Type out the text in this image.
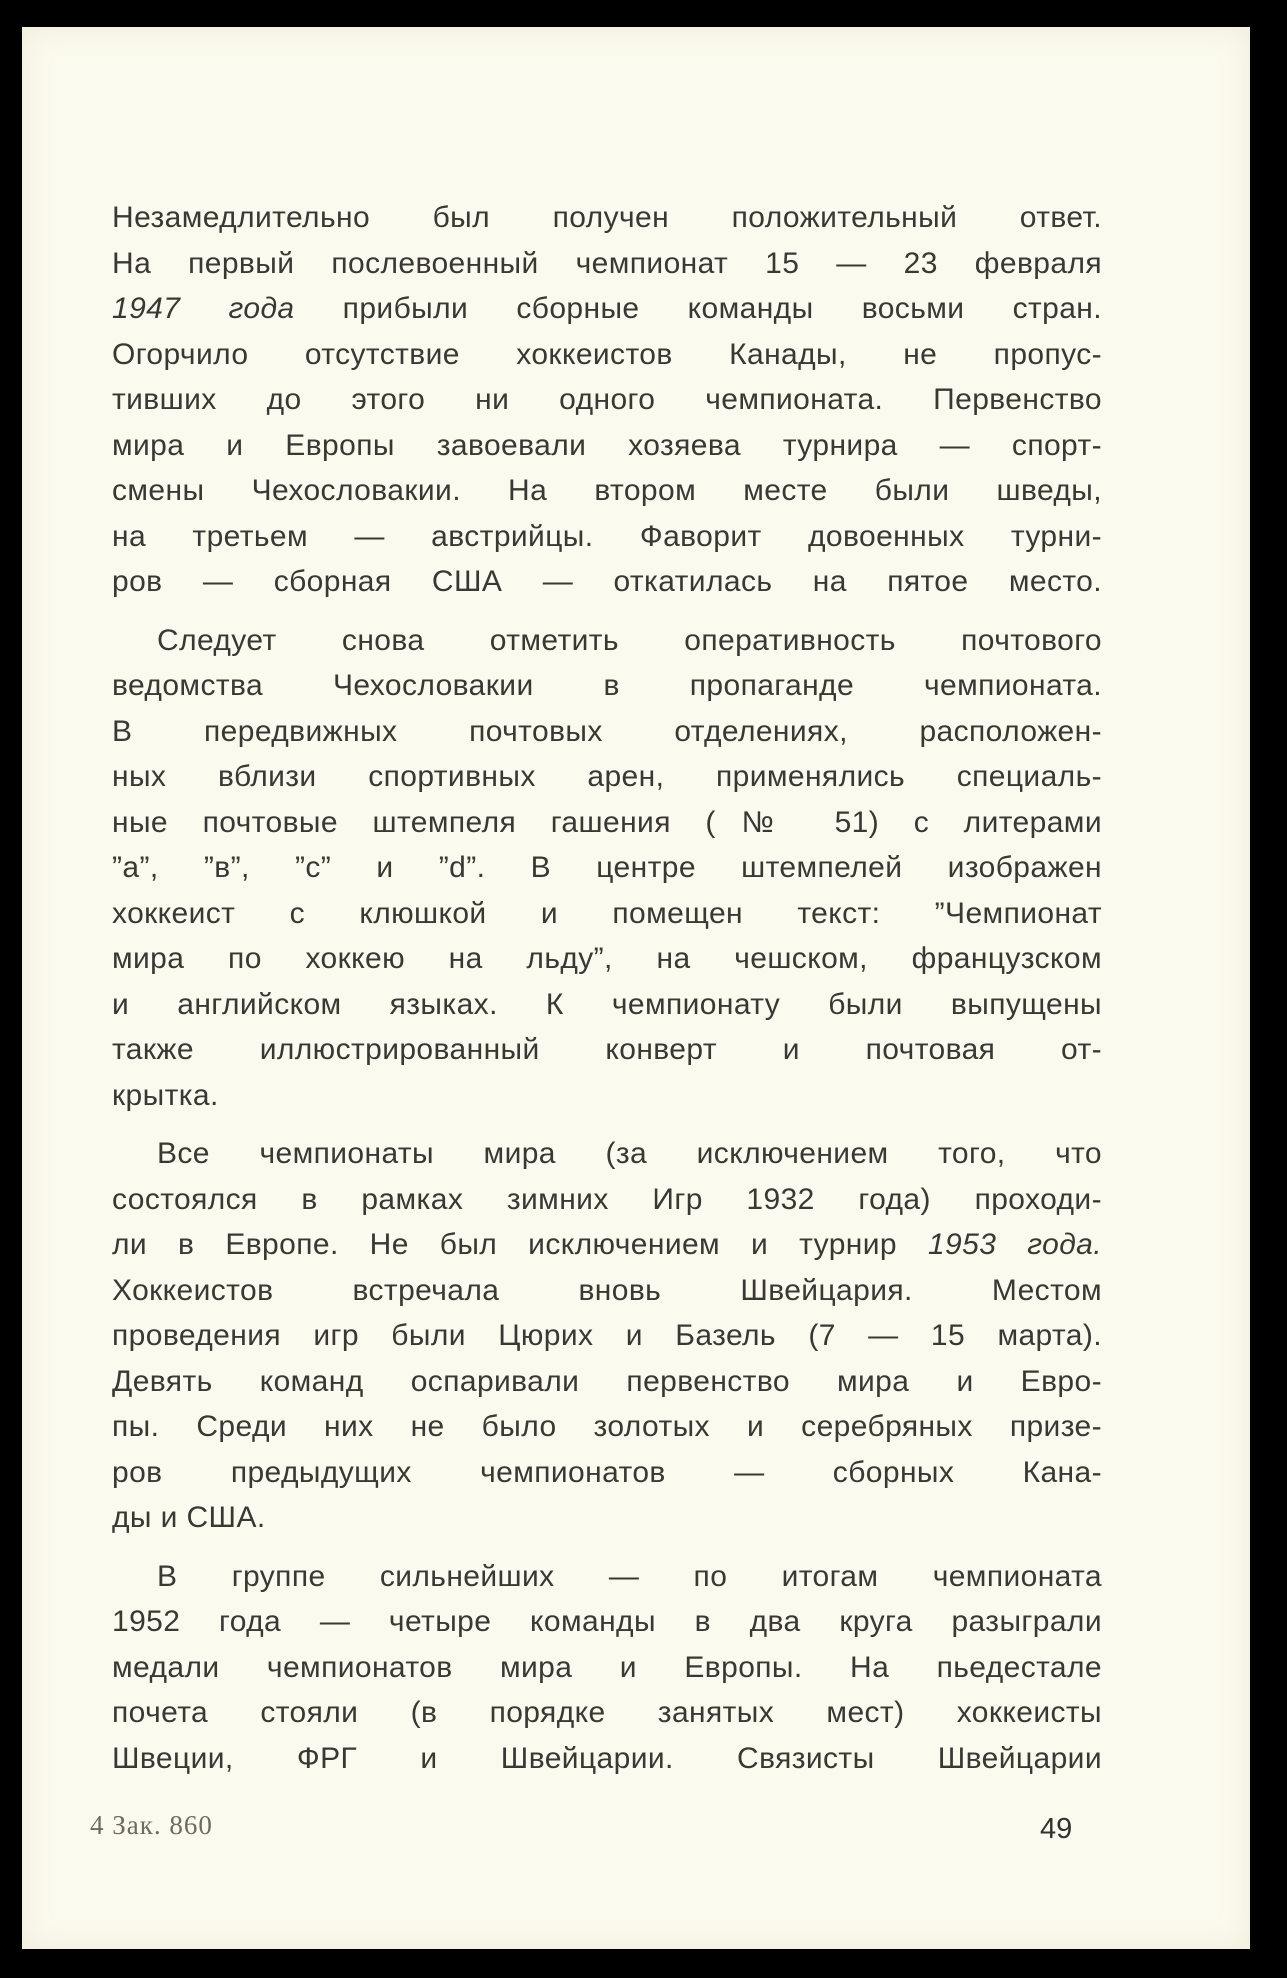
Незамедлительно был получен положительный ответ.
На первый послевоенный чемпионат 15 — 23 февраля
1947 года прибыли сборные команды восьми стран.
Огорчило отсутствие хоккеистов Канады, не пропус-
тивших до этого ни одного чемпионата. Первенство
мира и Европы завоевали хозяева турнира — спорт-
смены Чехословакии. На втором месте были шведы,
на третьем — австрийцы. Фаворит довоенных турни-
ров — сборная США — откатилась на пятое место.

Следует снова отметить оперативность почтового
ведомства Чехословакии в пропаганде чемпионата.
В передвижных почтовых отделениях, расположен-
ных вблизи спортивных арен, применялись специаль-
ные почтовые штемпеля гашения (№ 51) с литерами
”a”, ”в”, ”c” и ”d”. В центре штемпелей изображен
хоккеист с клюшкой и помещен текст: ”Чемпионат
мира по хоккею на льду”, на чешском, французском
и английском языках. К чемпионату были выпущены
также иллюстрированный конверт и почтовая от-
крытка.

Все чемпионаты мира (за исключением того, что
состоялся в рамках зимних Игр 1932 года) проходи-
ли в Европе. Не был исключением и турнир 1953 года.
Хоккеистов встречала вновь Швейцария. Местом
проведения игр были Цюрих и Базель (7 — 15 марта).
Девять команд оспаривали первенство мира и Евро-
пы. Среди них не было золотых и серебряных призе-
ров предыдущих чемпионатов — сборных Кана-
ды и США.

В группе сильнейших — по итогам чемпионата
1952 года — четыре команды в два круга разыграли
медали чемпионатов мира и Европы. На пьедестале
почета стояли (в порядке занятых мест) хоккеисты
Швеции, ФРГ и Швейцарии. Связисты Швейцарии

4 Зак. 860	49
